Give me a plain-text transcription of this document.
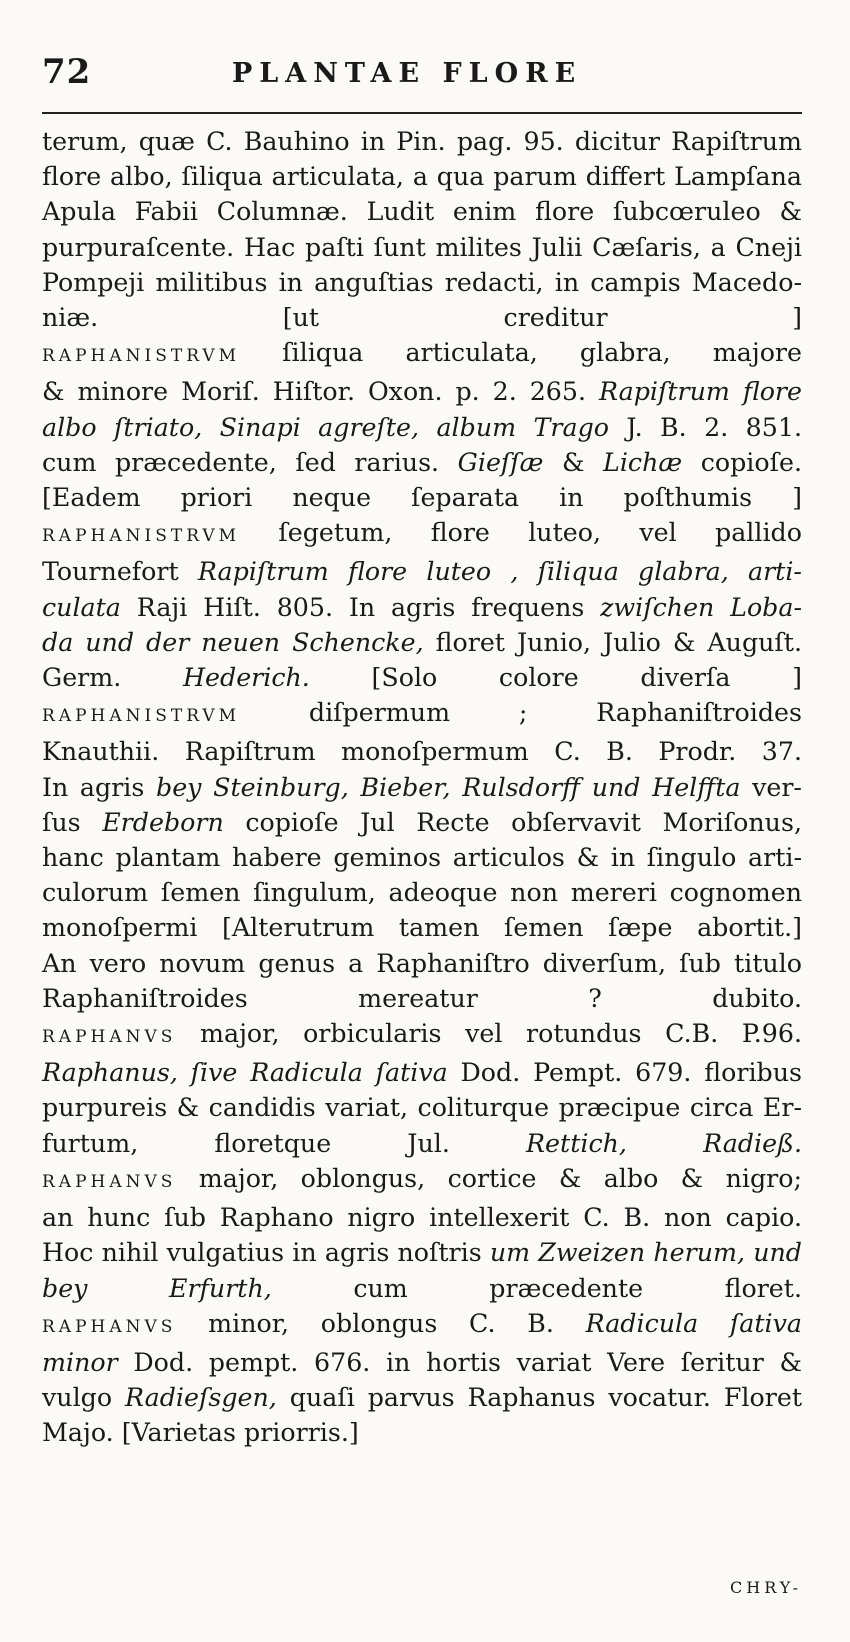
72	PLANTAE FLORE
terum, quæ C. Bauhino in Pin. pag. 95. dicitur Rapiſtrum
flore albo, ſiliqua articulata, a qua parum differt Lampſana
Apula Fabii Columnæ. Ludit enim flore ſubcœruleo &
purpuraſcente. Hac paſti ſunt milites Julii Cæſaris, a Cneji
Pompeji militibus in anguſtias redacti, in campis Macedo-
niæ. [ut creditur ]
RAPHANISTRVM ſiliqua articulata, glabra, majore
& minore Moriſ. Hiſtor. Oxon. p. 2. 265. Rapiſtrum flore
albo ſtriato, Sinapi agreſte, album Trago J. B. 2. 851.
cum præcedente, ſed rarius. Gieſſæ & Lichæ copioſe.
[Eadem priori neque ſeparata in poſthumis ]
RAPHANISTRVM ſegetum, flore luteo, vel pallido
Tournefort Rapiſtrum flore luteo , ſiliqua glabra, arti-
culata Raji Hiſt. 805. In agris frequens zwiſchen Loba-
da und der neuen Schencke, floret Junio, Julio & Auguſt.
Germ. Hederich. [Solo colore diverſa ]
RAPHANISTRVM diſpermum ; Raphaniſtroides
Knauthii. Rapiſtrum monoſpermum C. B. Prodr. 37.
In agris bey Steinburg, Bieber, Rulsdorff und Helffta ver-
ſus Erdeborn copioſe Jul Recte obſervavit Moriſonus,
hanc plantam habere geminos articulos & in ſingulo arti-
culorum ſemen ſingulum, adeoque non mereri cognomen
monoſpermi [Alterutrum tamen ſemen ſæpe abortit.]
An vero novum genus a Raphaniſtro diverſum, ſub titulo
Raphaniſtroides mereatur ? dubito.
RAPHANVS major, orbicularis vel rotundus C.B. P.96.
Raphanus, ſive Radicula ſativa Dod. Pempt. 679. floribus
purpureis & candidis variat, coliturque præcipue circa Er-
furtum, floretque Jul. Rettich, Radieß.
RAPHANVS major, oblongus, cortice & albo & nigro;
an hunc ſub Raphano nigro intellexerit C. B. non capio.
Hoc nihil vulgatius in agris noſtris um Zweizen herum, und
bey Erfurth, cum præcedente floret.
RAPHANVS minor, oblongus C. B. Radicula ſativa
minor Dod. pempt. 676. in hortis variat Vere ſeritur &
vulgo Radieſsgen, quaſi parvus Raphanus vocatur. Floret
Majo. [Varietas priorris.]
CHRY-
